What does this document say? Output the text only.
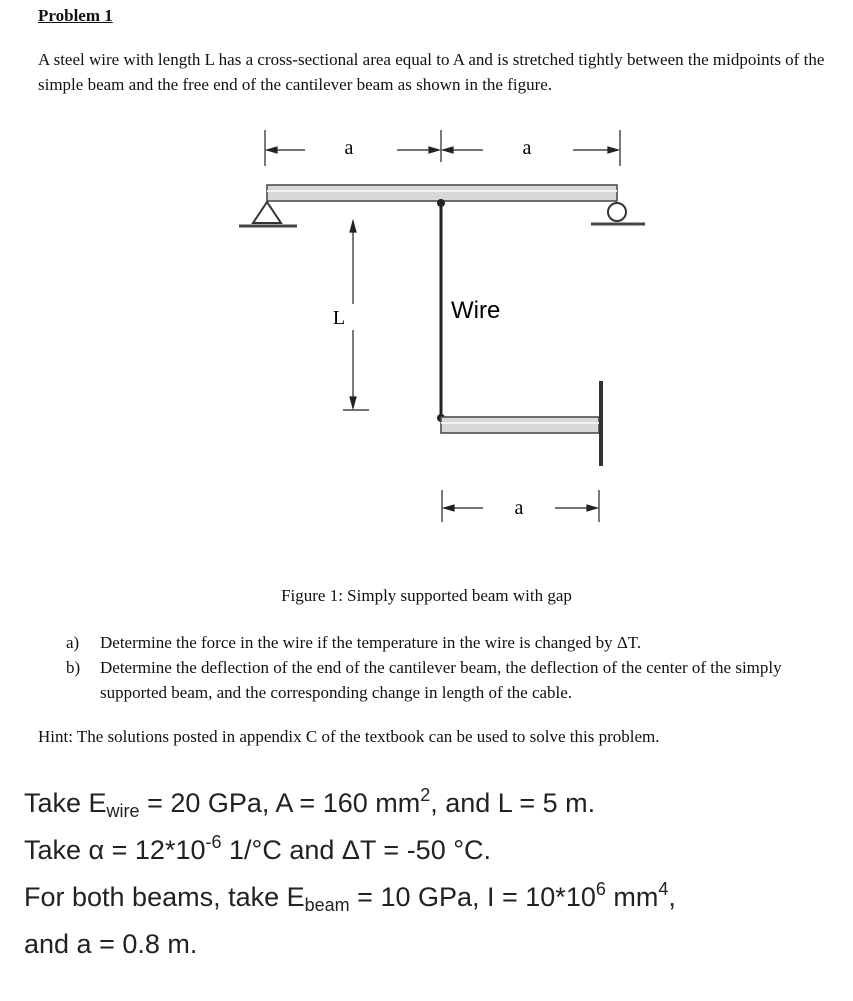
Problem 1
A steel wire with length L has a cross-sectional area equal to A and is stretched tightly between the midpoints of the simple beam and the free end of the cantilever beam as shown in the figure.
a	a
L	Wire
a
Figure 1: Simply supported beam with gap
a) Determine the force in the wire if the temperature in the wire is changed by ΔT.
b) Determine the deflection of the end of the cantilever beam, the deflection of the center of the simply supported beam, and the corresponding change in length of the cable.
Hint: The solutions posted in appendix C of the textbook can be used to solve this problem.
Take $E_{wire} = 20$ GPa, A = 160 $mm^2$, and L = 5 m.
Take $\alpha = 12*10^{-6}$ 1/°C and ΔT = -50 °C.
For both beams, take $E_{beam} = 10$ GPa, $I = 10*10^6$ $mm^4$,
and a = 0.8 m.
